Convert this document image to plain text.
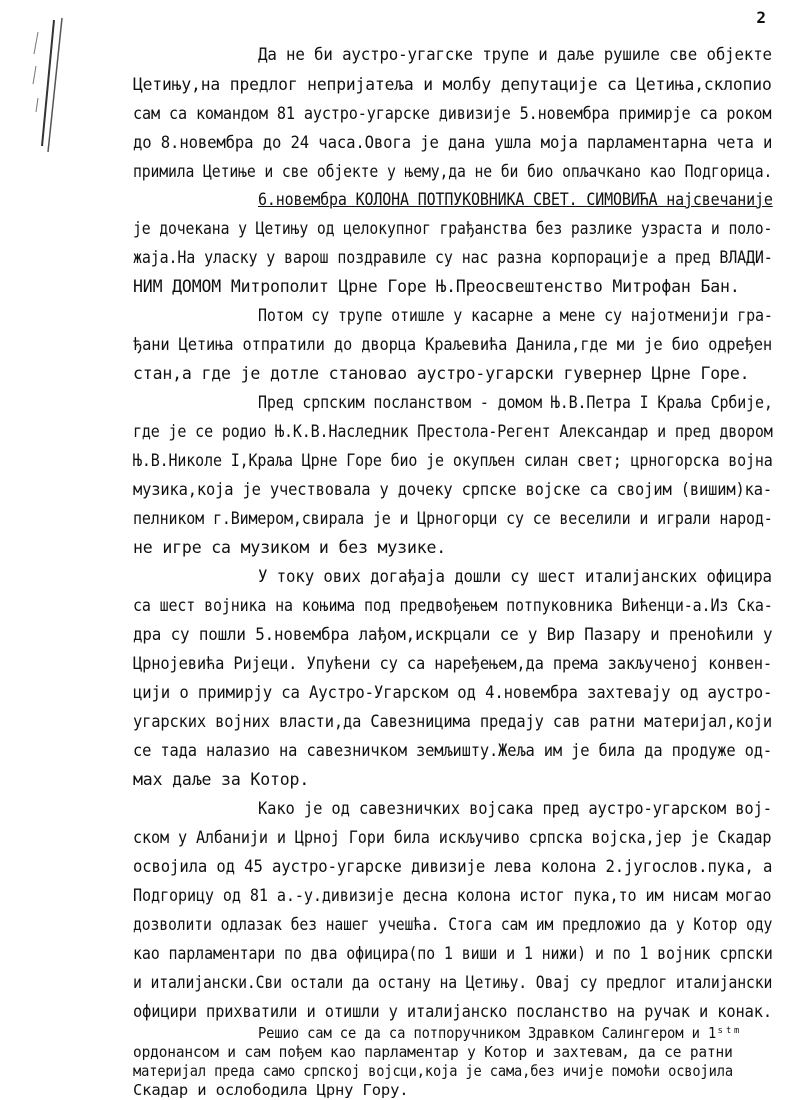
2
Да не би аустро-угагске трупе и даље рушиле све објекте
Цетињу,на предлог непријатеља и молбу депутације са Цетиња,склопио
сам са командом 81 аустро-угарске дивизије 5.новембра примирје са роком
до 8.новембра до 24 часа.Овога је дана ушла моја парламентарна чета и
примила Цетиње и све објекте у њему,да не би био опљачкано као Подгорица.
6.новембра КОЛОНА ПОТПУКОВНИКА СВЕТ. СИМОВИЋА најсвечаније
је дочекана у Цетињу од целокупног грађанства без разлике узраста и поло-
жаја.На уласку у варош поздравиле су нас разна корпорације а пред ВЛАДИ-
НИМ ДОМОМ Митрополит Црне Горе Њ.Преосвештенство Митрофан Бан.
Потом су трупе отишле у касарне а мене су најотменији гра-
ђани Цетиња отпратили до дворца Краљевића Данила,где ми је био одређен
стан,а где је дотле становао аустро-угарски гувернер Црне Горе.
Пред српским посланством - домом Њ.В.Петра I Краља Србије,
где је се родио Њ.К.В.Наследник Престола-Регент Александар и пред двором
Њ.В.Николе I,Краља Црне Горе био је окупљен силан свет; црногорска војна
музика,која је учествовала у дочеку српске војске са својим (вишим)ка-
пелником г.Вимером,свирала је и Црногорци су се веселили и играли народ-
не игре са музиком и без музике.
У току ових догађаја дошли су шест италијанских официра
са шест војника на коњима под предвођењем потпуковника Вићенци-а.Из Ска-
дра су пошли 5.новембра лађом,искрцали се у Вир Пазару и пренoћили у
Црнојевића Ријеци. Упућени су са наређењем,да према закљученој конвен-
цији о примирју са Аустро-Угарском од 4.новембра захтевају од аустро-
угарских војних власти,да Савезницима предају сав ратни материјал,који
се тада налазио на савезничком земљишту.Жеља им је била да продуже од-
мах даље за Котор.
Како је од савезничких војсака пред аустро-угарском вој-
ском у Албанији и Црној Гори била искључиво српска војска,јер је Скадар
освојила од 45 аустро-угарске дивизије лева колона 2.југослов.пука, а
Подгорицу од 81 а.-у.дивизије десна колона истог пука,то им нисам могао
дозволити одлазак без нашег учешћа. Стога сам им предложио да у Котор оду
као парламентари по два официра(по 1 виши и 1 нижи) и по 1 војник српски
и италијански.Сви остали да остану на Цетињу. Овај су предлог италијански
официри прихватили и отишли у италијанско посланство на ручак и конак.
Решио сам се да са потпоручником Здравком Салингером и 1ˢᵗᵐ
ордонансом и сам пођем као парламентар у Котор и захтевам, да се ратни
материјал преда само српској војсци,која је сама,без ичије помоћи освојила
Скадар и ослободила Црну Гору.
